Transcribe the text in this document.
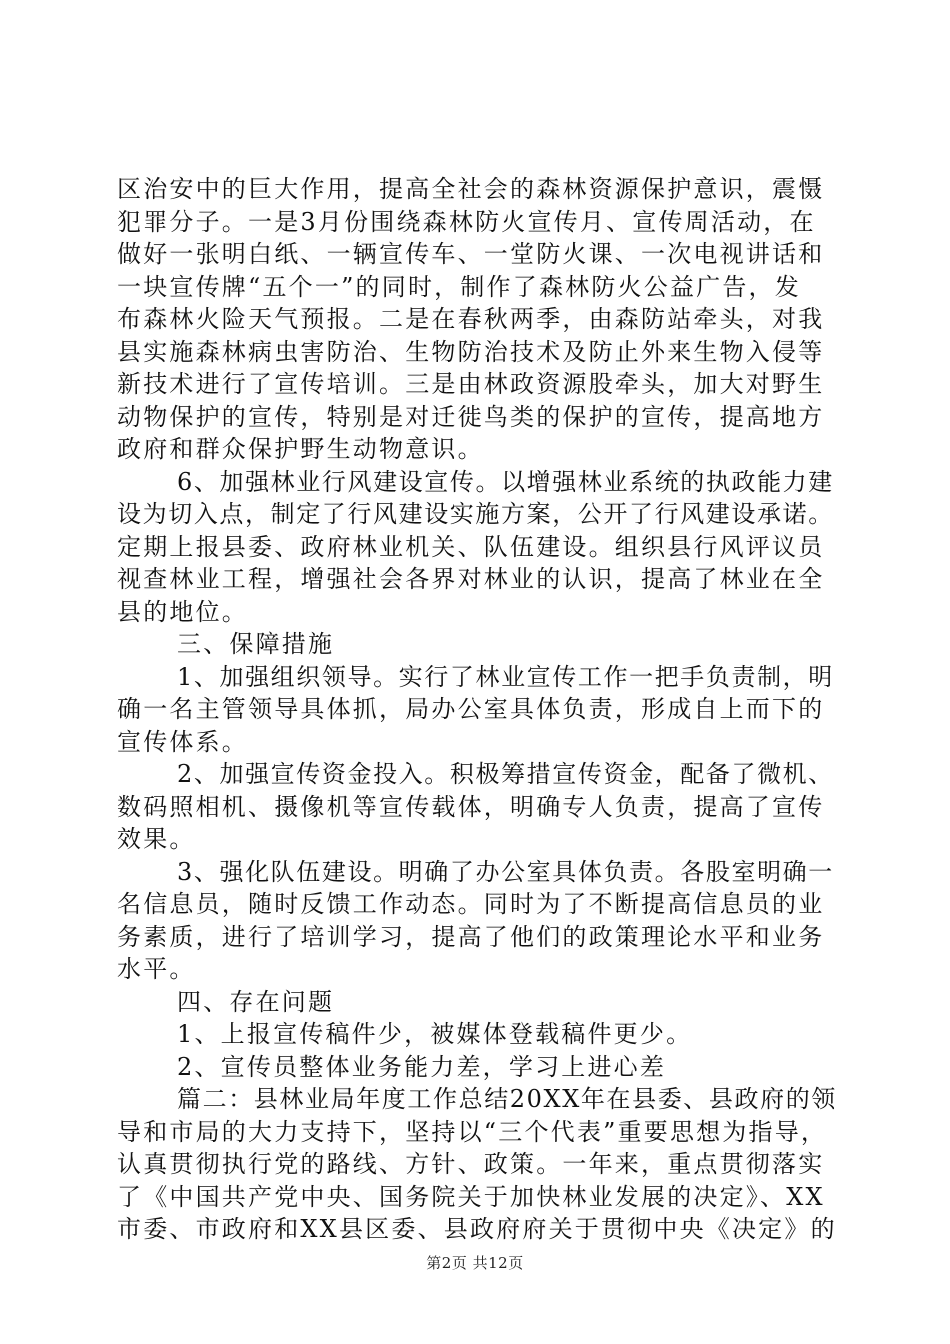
区治安中的巨大作用，提高全社会的森林资源保护意识，震慑
犯罪分子。一是3月份围绕森林防火宣传月、宣传周活动，在
做好一张明白纸、一辆宣传车、一堂防火课、一次电视讲话和
一块宣传牌“五个一”的同时，制作了森林防火公益广告，发
布森林火险天气预报。二是在春秋两季，由森防站牵头，对我
县实施森林病虫害防治、生物防治技术及防止外来生物入侵等
新技术进行了宣传培训。三是由林政资源股牵头，加大对野生
动物保护的宣传，特别是对迁徙鸟类的保护的宣传，提高地方
政府和群众保护野生动物意识。
6、加强林业行风建设宣传。以增强林业系统的执政能力建
设为切入点，制定了行风建设实施方案，公开了行风建设承诺。
定期上报县委、政府林业机关、队伍建设。组织县行风评议员
视查林业工程，增强社会各界对林业的认识，提高了林业在全
县的地位。
三、保障措施
1、加强组织领导。实行了林业宣传工作一把手负责制，明
确一名主管领导具体抓，局办公室具体负责，形成自上而下的
宣传体系。
2、加强宣传资金投入。积极筹措宣传资金，配备了微机、
数码照相机、摄像机等宣传载体，明确专人负责，提高了宣传
效果。
3、强化队伍建设。明确了办公室具体负责。各股室明确一
名信息员，随时反馈工作动态。同时为了不断提高信息员的业
务素质，进行了培训学习，提高了他们的政策理论水平和业务
水平。
四、存在问题
1、上报宣传稿件少，被媒体登载稿件更少。
2、宣传员整体业务能力差，学习上进心差
篇二：县林业局年度工作总结20XX年在县委、县政府的领
导和市局的大力支持下，坚持以“三个代表”重要思想为指导，
认真贯彻执行党的路线、方针、政策。一年来，重点贯彻落实
了《中国共产党中央、国务院关于加快林业发展的决定》、XX
市委、市政府和XX县区委、县政府府关于贯彻中央《决定》的
第2页 共12页
